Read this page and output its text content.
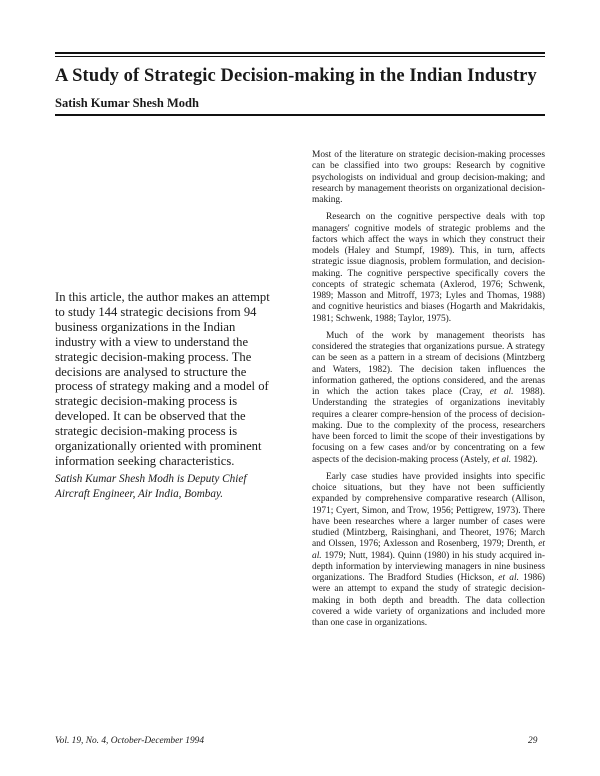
A Study of Strategic Decision-making in the Indian Industry

Satish Kumar Shesh Modh

In this article, the author makes an attempt to study 144 strategic decisions from 94 business organizations in the Indian industry with a view to understand the strategic decision-making process. The decisions are analysed to structure the process of strategy making and a model of strategic decision-making process is developed. It can be observed that the strategic decision-making process is organizationally oriented with prominent information seeking characteristics.

Satish Kumar Shesh Modh is Deputy Chief Aircraft Engineer, Air India, Bombay.

Most of the literature on strategic decision-making processes can be classified into two groups: Research by cognitive psychologists on individual and group decision-making; and research by management theorists on organizational decision-making.

Research on the cognitive perspective deals with top managers' cognitive models of strategic problems and the factors which affect the ways in which they construct their models (Haley and Stumpf, 1989). This, in turn, affects strategic issue diagnosis, problem formulation, and decision-making. The cognitive perspective specifically covers the concepts of strategic schemata (Axlerod, 1976; Schwenk, 1989; Masson and Mitroff, 1973; Lyles and Thomas, 1988) and cognitive heuristics and biases (Hogarth and Makridakis, 1981; Schwenk, 1988; Taylor, 1975).

Much of the work by management theorists has considered the strategies that organizations pursue. A strategy can be seen as a pattern in a stream of decisions (Mintzberg and Waters, 1982). The decision taken influences the information gathered, the options considered, and the arenas in which the action takes place (Cray, et al. 1988). Understanding the strategies of organizations inevitably requires a clearer compre-hension of the process of decision-making. Due to the complexity of the process, researchers have been forced to limit the scope of their investigations by focusing on a few cases and/or by concentrating on a few aspects of the decision-making process (Astely, et al. 1982).

Early case studies have provided insights into specific choice situations, but they have not been sufficiently expanded by comprehensive comparative research (Allison, 1971; Cyert, Simon, and Trow, 1956; Pettigrew, 1973). There have been researches where a larger number of cases were studied (Mintzberg, Raisinghani, and Theoret, 1976; March and Olssen, 1976; Axlesson and Rosenberg, 1979; Drenth, et al. 1979; Nutt, 1984). Quinn (1980) in his study acquired in-depth information by interviewing managers in nine business organizations. The Bradford Studies (Hickson, et al. 1986) were an attempt to expand the study of strategic decision-making in both depth and breadth. The data collection covered a wide variety of organizations and included more than one case in organizations.

Vol. 19, No. 4, October-December 1994	29
